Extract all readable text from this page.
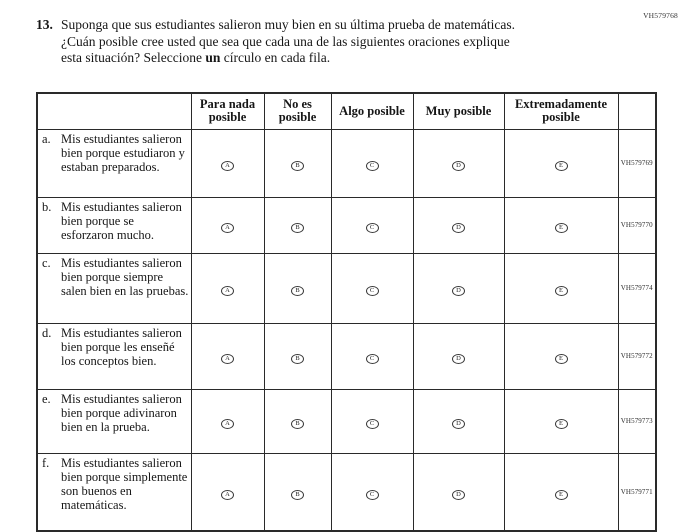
VH579768
13. Suponga que sus estudiantes salieron muy bien en su última prueba de matemáticas.
¿Cuán posible cree usted que sea que cada una de las siguientes oraciones explique
esta situación? Seleccione un círculo en cada fila.
	Para nada posible	No es posible	Algo posible	Muy posible	Extremadamente posible	

a. Mis estudiantes salieron bien porque estudiaron y estaban preparados.	A	B	C	D	E	VH579769

b. Mis estudiantes salieron bien porque se esforzaron mucho.	A	B	C	D	E	VH579770

c. Mis estudiantes salieron bien porque siempre salen bien en las pruebas.	A	B	C	D	E	VH579774

d. Mis estudiantes salieron bien porque les enseñé los conceptos bien.	A	B	C	D	E	VH579772

e. Mis estudiantes salieron bien porque adivinaron bien en la prueba.	A	B	C	D	E	VH579773

f. Mis estudiantes salieron bien porque simplemente son buenos en matemáticas.	A	B	C	D	E	VH579771
